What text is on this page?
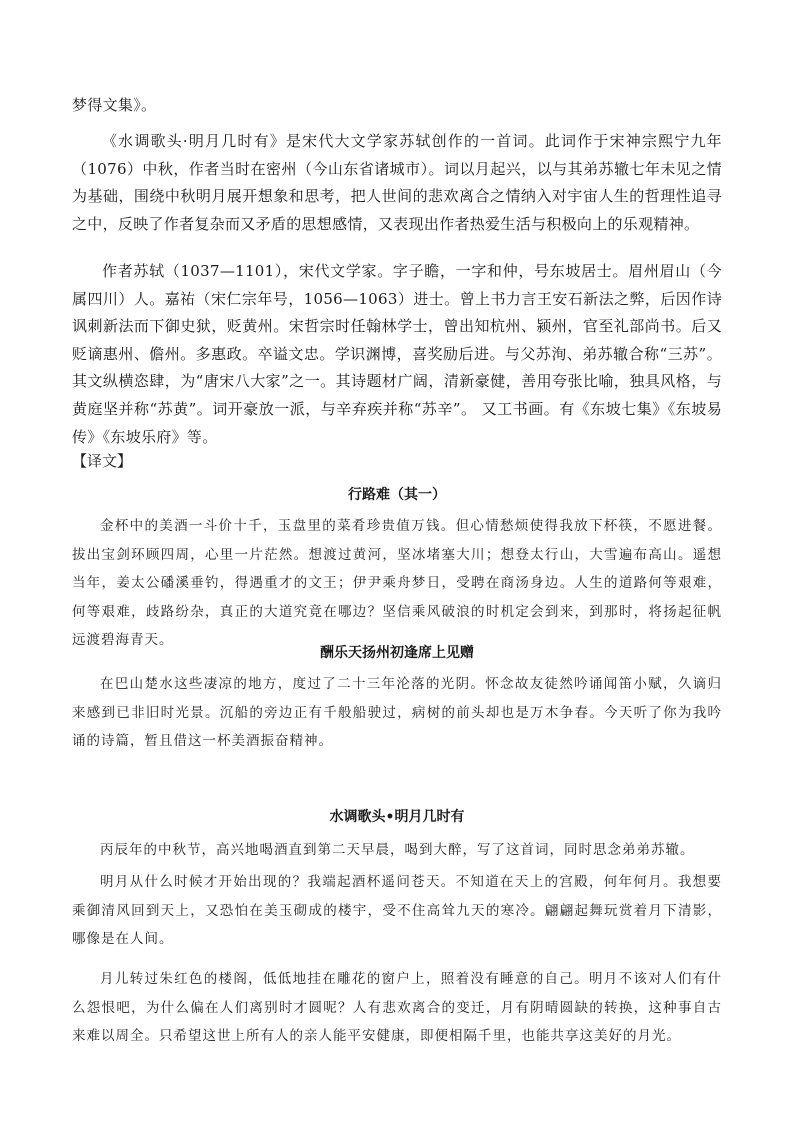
梦得文集》。

《水调歌头·明月几时有》是宋代大文学家苏轼创作的一首词。此词作于宋神宗熙宁九年（1076）中秋，作者当时在密州（今山东省诸城市）。词以月起兴，以与其弟苏辙七年未见之情为基础，围绕中秋明月展开想象和思考，把人世间的悲欢离合之情纳入对宇宙人生的哲理性追寻之中，反映了作者复杂而又矛盾的思想感情，又表现出作者热爱生活与积极向上的乐观精神。

作者苏轼（1037—1101），宋代文学家。字子瞻，一字和仲，号东坡居士。眉州眉山（今属四川）人。嘉祐（宋仁宗年号，1056—1063）进士。曾上书力言王安石新法之弊，后因作诗讽刺新法而下御史狱，贬黄州。宋哲宗时任翰林学士，曾出知杭州、颍州，官至礼部尚书。后又贬谪惠州、儋州。多惠政。卒谥文忠。学识渊博，喜奖励后进。与父苏洵、弟苏辙合称“三苏”。其文纵横恣肆，为“唐宋八大家”之一。其诗题材广阔，清新豪健，善用夸张比喻，独具风格，与黄庭坚并称“苏黄”。词开豪放一派，与辛弃疾并称“苏辛”。 又工书画。有《东坡七集》《东坡易传》《东坡乐府》等。

【译文】

行路难（其一）

金杯中的美酒一斗价十千，玉盘里的菜肴珍贵值万钱。但心情愁烦使得我放下杯筷，不愿进餐。拔出宝剑环顾四周，心里一片茫然。想渡过黄河，坚冰堵塞大川；想登太行山，大雪遍布高山。遥想当年，姜太公磻溪垂钓，得遇重才的文王；伊尹乘舟梦日，受聘在商汤身边。人生的道路何等艰难，何等艰难，歧路纷杂，真正的大道究竟在哪边？坚信乘风破浪的时机定会到来，到那时，将扬起征帆远渡碧海青天。

酬乐天扬州初逢席上见赠

在巴山楚水这些凄凉的地方，度过了二十三年沦落的光阴。怀念故友徒然吟诵闻笛小赋，久谪归来感到已非旧时光景。沉船的旁边正有千般船驶过，病树的前头却也是万木争春。今天听了你为我吟诵的诗篇，暂且借这一杯美酒振奋精神。

水调歌头•明月几时有

丙辰年的中秋节，高兴地喝酒直到第二天早晨，喝到大醉，写了这首词，同时思念弟弟苏辙。

明月从什么时候才开始出现的？我端起酒杯遥问苍天。不知道在天上的宫殿，何年何月。我想要乘御清风回到天上，又恐怕在美玉砌成的楼宇，受不住高耸九天的寒冷。翩翩起舞玩赏着月下清影，哪像是在人间。

月儿转过朱红色的楼阁，低低地挂在雕花的窗户上，照着没有睡意的自己。明月不该对人们有什么怨恨吧，为什么偏在人们离别时才圆呢？人有悲欢离合的变迁，月有阴晴圆缺的转换，这种事自古来难以周全。只希望这世上所有人的亲人能平安健康，即便相隔千里，也能共享这美好的月光。
